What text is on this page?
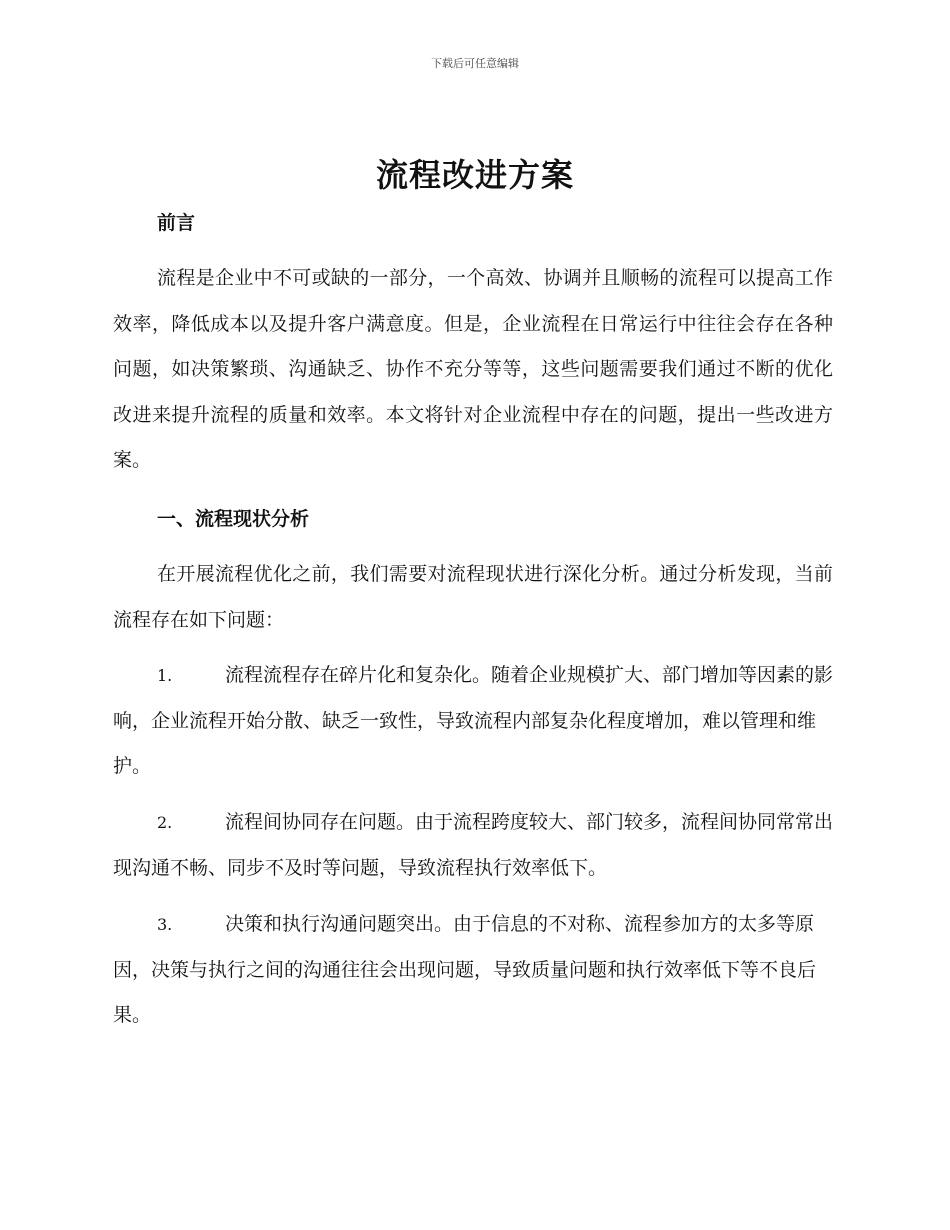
下载后可任意编辑
流程改进方案
前言

流程是企业中不可或缺的一部分，一个高效、协调并且顺畅的流程可以提高工作效率，降低成本以及提升客户满意度。但是，企业流程在日常运行中往往会存在各种问题，如决策繁琐、沟通缺乏、协作不充分等等，这些问题需要我们通过不断的优化改进来提升流程的质量和效率。本文将针对企业流程中存在的问题，提出一些改进方案。

一、流程现状分析

在开展流程优化之前，我们需要对流程现状进行深化分析。通过分析发现，当前流程存在如下问题：

1.	流程流程存在碎片化和复杂化。随着企业规模扩大、部门增加等因素的影响，企业流程开始分散、缺乏一致性，导致流程内部复杂化程度增加，难以管理和维护。

2.	流程间协同存在问题。由于流程跨度较大、部门较多，流程间协同常常出现沟通不畅、同步不及时等问题，导致流程执行效率低下。

3.	决策和执行沟通问题突出。由于信息的不对称、流程参加方的太多等原因，决策与执行之间的沟通往往会出现问题，导致质量问题和执行效率低下等不良后果。
